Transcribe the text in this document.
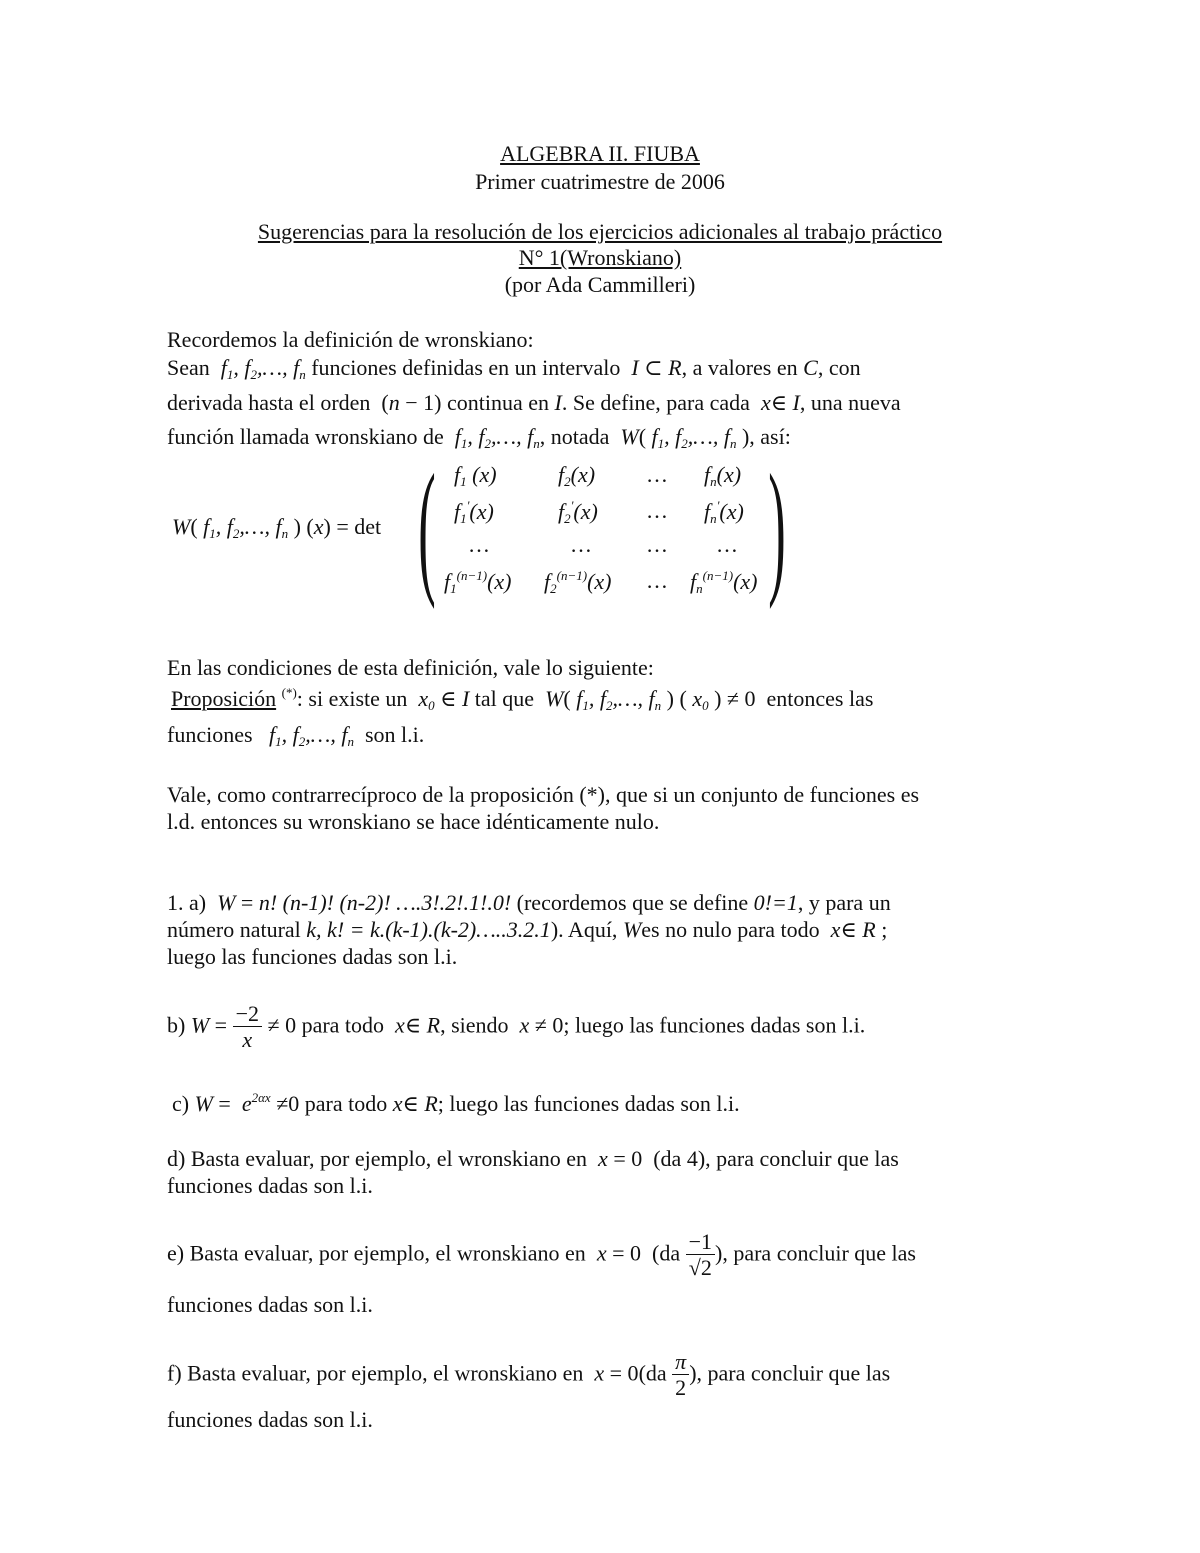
ALGEBRA II. FIUBA
Primer cuatrimestre de 2006
Sugerencias para la resolución de los ejercicios adicionales al trabajo práctico
N° 1(Wronskiano)
(por Ada Cammilleri)
Recordemos la definición de wronskiano:
Sean  $f_1$, $f_2,\dots$, $f_n$ funciones definidas en un intervalo  I ⊂ R, a valores en C, con
derivada hasta el orden  (n − 1) continua en I. Se define, para cada  x∈ I, una nueva
función llamada wronskiano de  $f_1$, $f_2,\dots$, $f_n$, notada  W( $f_1$, $f_2,\dots$, $f_n$ ), así:
W( $f_1$, $f_2,\dots$, $f_n$ ) (x) = det ( )
$f_1$ (x)	$f_2(x)$ … $f_n(x)$
$f_1'(x)$	$f_2'(x)$ … $f_n'(x)$
…	… … …
$f_1^{(n-1)}(x)$ $f_2^{(n-1)}(x)$ … $f_n^{(n-1)}(x)$
En las condiciones de esta definición, vale lo siguiente:
Proposición (*): si existe un  $x_0$ ∈ I tal que  W( $f_1$, $f_2,\dots$, $f_n$ ) ( $x_0$ ) ≠ 0  entonces las
funciones   $f_1$, $f_2,\dots$, $f_n$ son l.i.
Vale, como contrarrecíproco de la proposición (*), que si un conjunto de funciones es
l.d. entonces su wronskiano se hace idénticamente nulo.
1. a) W = n! (n-1)! (n-2)! ….3!.2!.1!.0! (recordemos que se define 0!=1, y para un
número natural k, k! = k.(k-1).(k-2)…..3.2.1). Aquí, Wes no nulo para todo  x∈ R ;
luego las funciones dadas son l.i.
b) $W = \frac{-2}{x} \ne 0$ para todo  x∈ R, siendo  x ≠ 0; luego las funciones dadas son l.i.
c) $W = e^{2\alpha x} \ne 0$ para todo x∈ R; luego las funciones dadas son l.i.
d) Basta evaluar, por ejemplo, el wronskiano en x = 0  (da 4), para concluir que las
funciones dadas son l.i.
e) Basta evaluar, por ejemplo, el wronskiano en x = 0  ($da \frac{-1}{√2}$ ), para concluir que las
funciones dadas son l.i.
f) Basta evaluar, por ejemplo, el wronskiano en $x = 0(da \frac{\pi}{2}$ ), para concluir que las
funciones dadas son l.i.
